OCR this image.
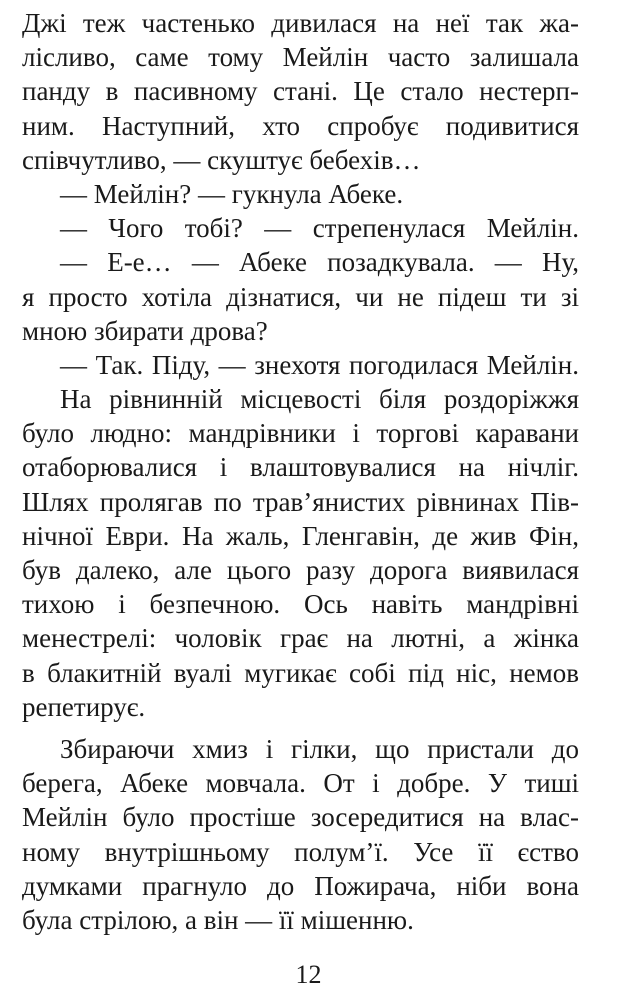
Джі теж частенько дивилася на неї так жа-
лісливо, саме тому Мейлін часто залишала
панду в пасивному стані. Це стало нестерп-
ним. Наступний, хто спробує подивитися
співчутливо, — скуштує бебехів…
— Мейлін? — гукнула Абеке.
— Чого тобі? — стрепенулася Мейлін.
— Е-е… — Абеке позадкувала. — Ну,
я просто хотіла дізнатися, чи не підеш ти зі
мною збирати дрова?
— Так. Піду, — знехотя погодилася Мейлін.
На рівнинній місцевості біля роздоріжжя
було людно: мандрівники і торгові каравани
отаборювалися і влаштовувалися на нічліг.
Шлях пролягав по трав’янистих рівнинах Пів-
нічної Еври. На жаль, Гленгавін, де жив Фін,
був далеко, але цього разу дорога виявилася
тихою і безпечною. Ось навіть мандрівні
менестрелі: чоловік грає на лютні, а жінка
в блакитній вуалі мугикає собі під ніс, немов
репетирує.
Збираючи хмиз і гілки, що пристали до
берега, Абеке мовчала. От і добре. У тиші
Мейлін було простіше зосередитися на влас-
ному внутрішньому полум’ї. Усе її єство
думками прагнуло до Пожирача, ніби вона
була стрілою, а він — її мішенню.
12
